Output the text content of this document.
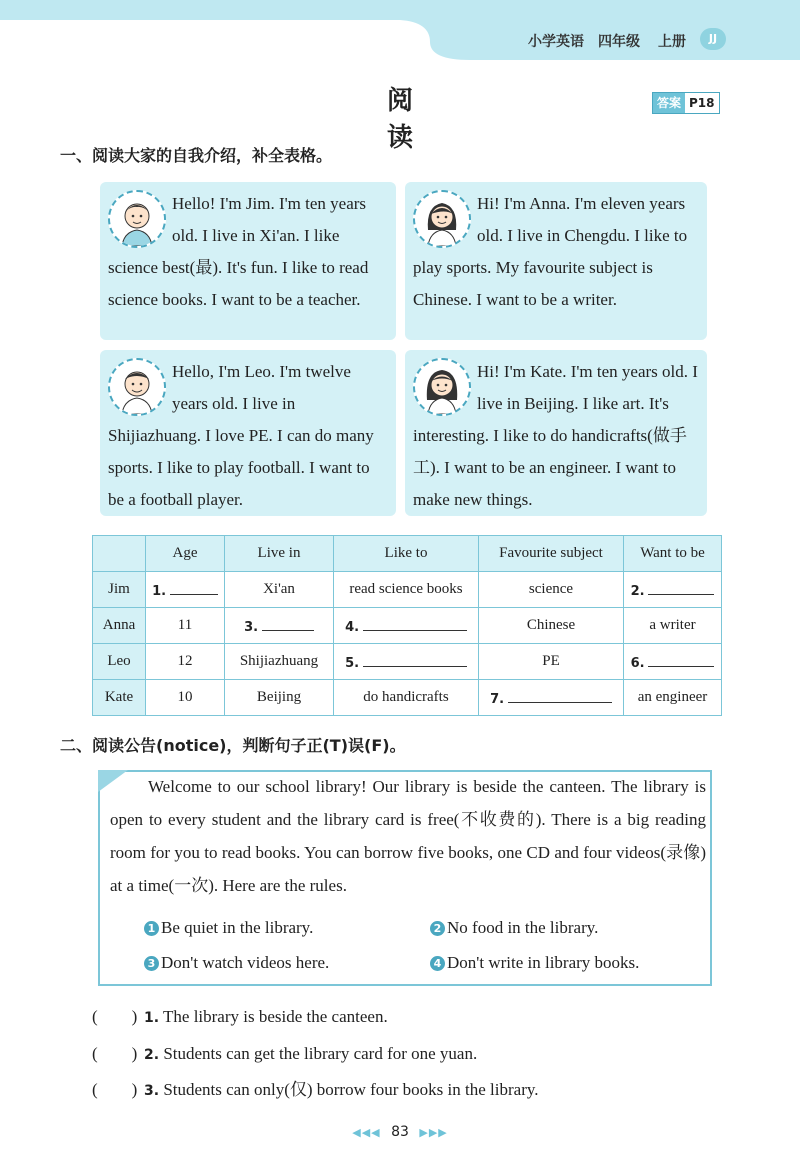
小学英语 四年级 上册	JJ
阅　读
答案 P18
一、阅读大家的自我介绍，补全表格。
Hello! I'm Jim. I'm ten years old. I live in Xi'an. I like science best(最). It's fun. I like to read science books. I want to be a teacher.
Hi! I'm Anna. I'm eleven years old. I live in Chengdu. I like to play sports. My favourite subject is Chinese. I want to be a writer.
Hello, I'm Leo. I'm twelve years old. I live in Shijiazhuang. I love PE. I can do many sports. I like to play football. I want to be a football player.
Hi! I'm Kate. I'm ten years old. I live in Beijing. I like art. It's interesting. I like to do handicrafts(做手工). I want to be an engineer. I want to make new things.
	Age	Live in	Like to	Favourite subject	Want to be
Jim	1.	Xi'an	read science books	science	2.
Anna	11	3.	4.	Chinese	a writer
Leo	12	Shijiazhuang	5.	PE	6.
Kate	10	Beijing	do handicrafts	7.	an engineer
二、阅读公告(notice)，判断句子正(T)误(F)。
Welcome to our school library! Our library is beside the canteen. The library is open to every student and the library card is free(不收费的). There is a big reading room for you to read books. You can borrow five books, one CD and four videos(录像) at a time(一次). Here are the rules.
1 Be quiet in the library.	2 No food in the library.
3 Don't watch videos here.	4 Don't write in library books.
(　　) 1. The library is beside the canteen.
(　　) 2. Students can get the library card for one yuan.
(　　) 3. Students can only(仅) borrow four books in the library.
◀◀◀ 83 ▶▶▶
